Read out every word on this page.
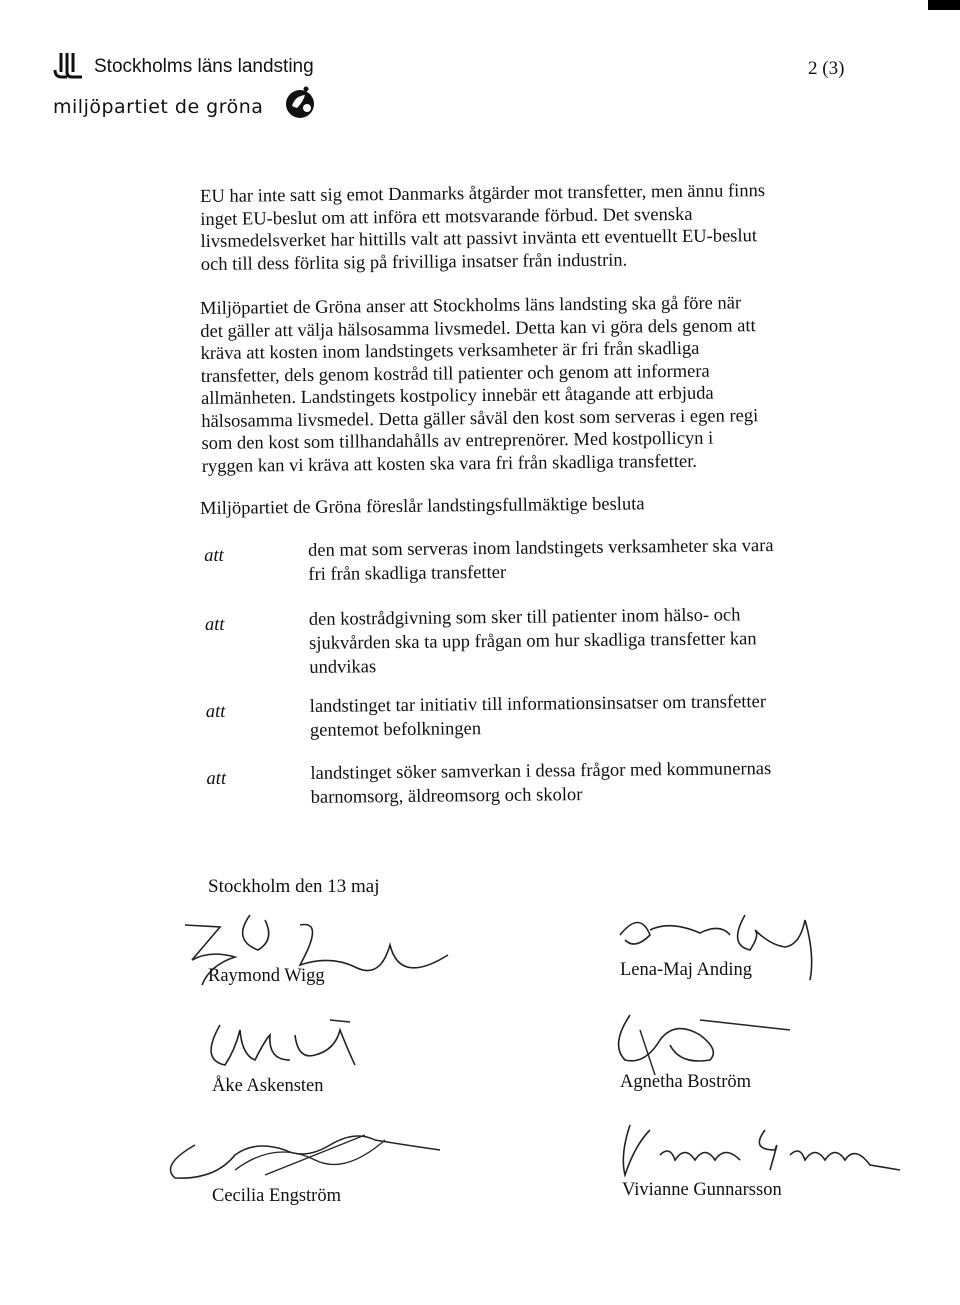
Stockholms läns landsting
miljöpartiet de gröna
2 (3)

EU har inte satt sig emot Danmarks åtgärder mot transfetter, men ännu finns
inget EU-beslut om att införa ett motsvarande förbud. Det svenska
livsmedelsverket har hittills valt att passivt invänta ett eventuellt EU-beslut
och till dess förlita sig på frivilliga insatser från industrin.

Miljöpartiet de Gröna anser att Stockholms läns landsting ska gå före när
det gäller att välja hälsosamma livsmedel. Detta kan vi göra dels genom att
kräva att kosten inom landstingets verksamheter är fri från skadliga
transfetter, dels genom kostråd till patienter och genom att informera
allmänheten. Landstingets kostpolicy innebär ett åtagande att erbjuda
hälsosamma livsmedel. Detta gäller såväl den kost som serveras i egen regi
som den kost som tillhandahålls av entreprenörer. Med kostpollicyn i
ryggen kan vi kräva att kosten ska vara fri från skadliga transfetter.

Miljöpartiet de Gröna föreslår landstingsfullmäktige besluta

att	den mat som serveras inom landstingets verksamheter ska vara
fri från skadliga transfetter
att	den kostrådgivning som sker till patienter inom hälso- och
sjukvården ska ta upp frågan om hur skadliga transfetter kan
undvikas
att	landstinget tar initiativ till informationsinsatser om transfetter
gentemot befolkningen
att	landstinget söker samverkan i dessa frågor med kommunernas
barnomsorg, äldreomsorg och skolor
Stockholm den 13 maj
Raymond Wigg	Lena-Maj Anding
Åke Askensten	Agnetha Boström
Cecilia Engström	Vivianne Gunnarsson
